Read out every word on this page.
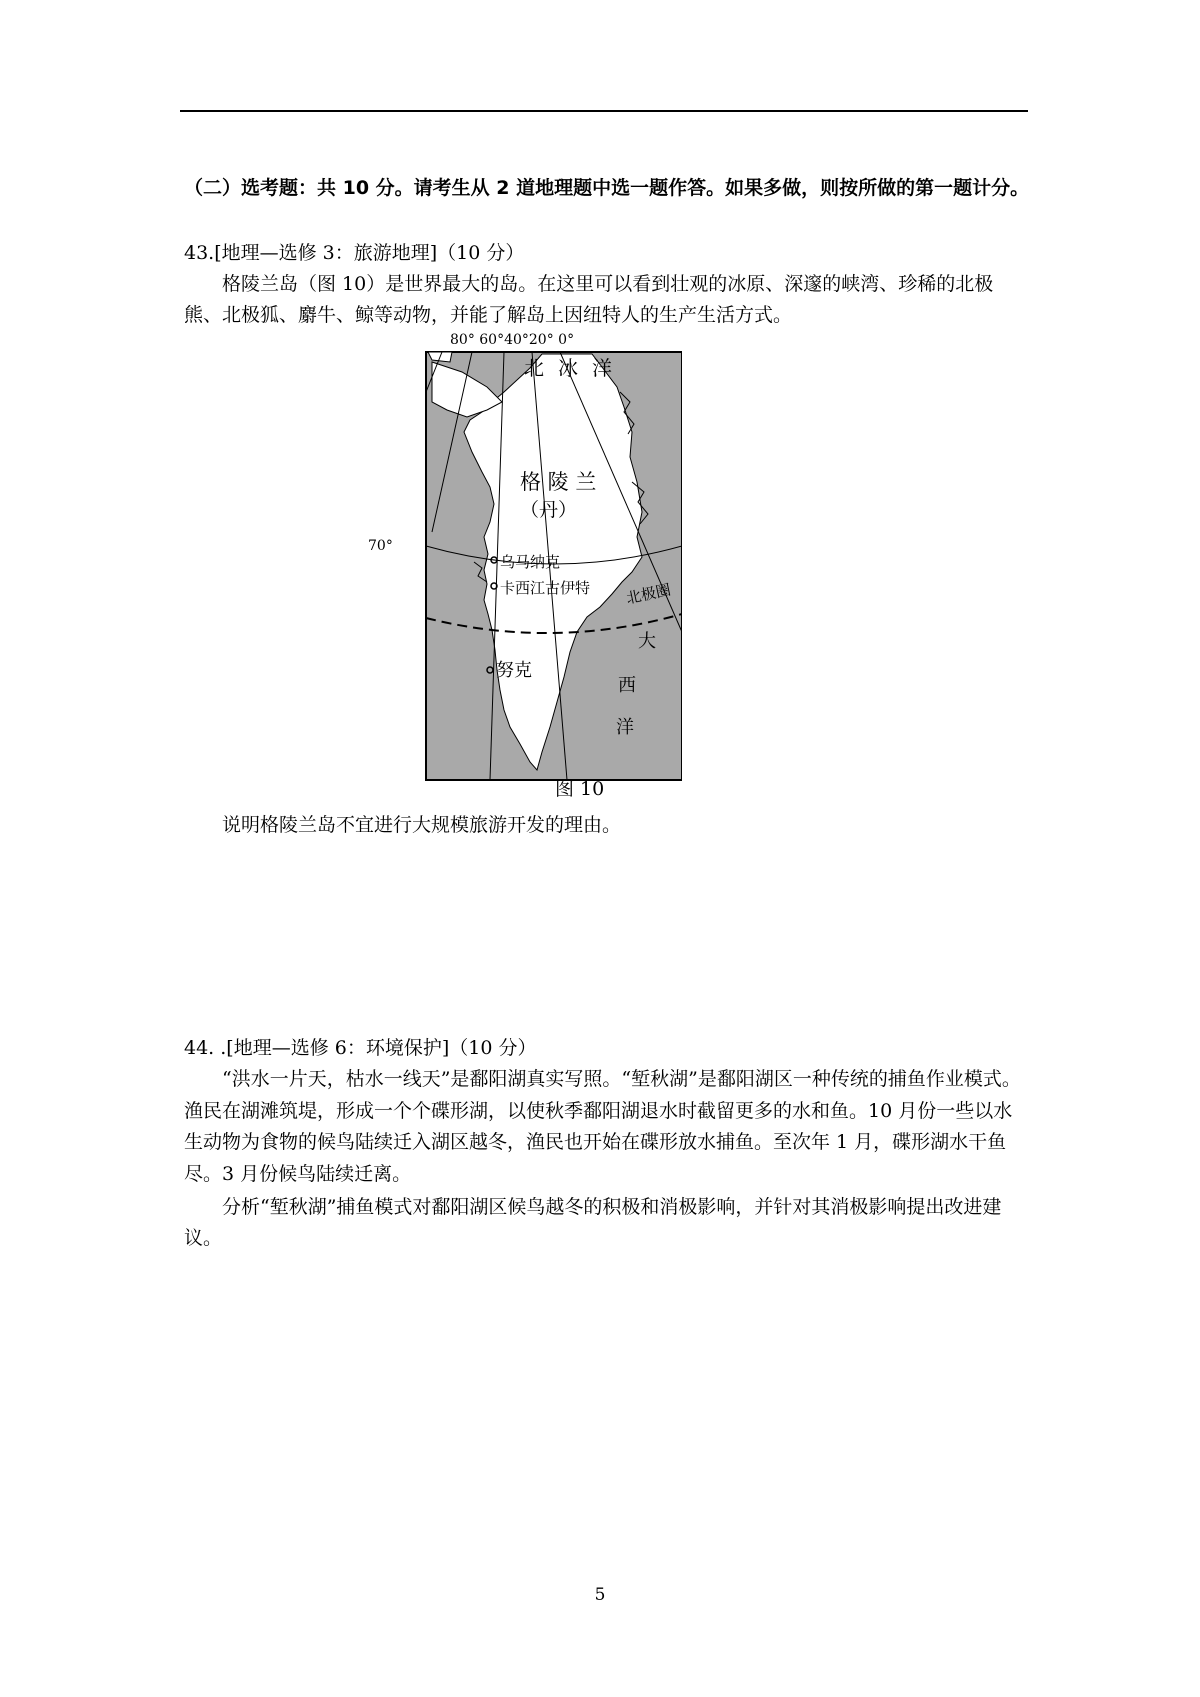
（二）选考题：共 10 分。请考生从 2 道地理题中选一题作答。如果多做，则按所做的第一题计分。
43.[地理—选修 3：旅游地理]（10 分）
格陵兰岛（图 10）是世界最大的岛。在这里可以看到壮观的冰原、深邃的峡湾、珍稀的北极熊、北极狐、麝牛、鲸等动物，并能了解岛上因纽特人的生产生活方式。
80° 60°40°20° 0°
70°
北 冰 洋
格 陵 兰
（丹）
乌马纳克
卡西江古伊特 北极圈
努克
大
西
洋
图 10
说明格陵兰岛不宜进行大规模旅游开发的理由。
44. .[地理—选修 6：环境保护]（10 分）
“洪水一片天，枯水一线天”是鄱阳湖真实写照。“堑秋湖”是鄱阳湖区一种传统的捕鱼作业模式。渔民在湖滩筑堤，形成一个个碟形湖，以使秋季鄱阳湖退水时截留更多的水和鱼。10 月份一些以水生动物为食物的候鸟陆续迁入湖区越冬，渔民也开始在碟形放水捕鱼。至次年 1 月，碟形湖水干鱼尽。3 月份候鸟陆续迁离。
分析“堑秋湖”捕鱼模式对鄱阳湖区候鸟越冬的积极和消极影响，并针对其消极影响提出改进建议。
5
